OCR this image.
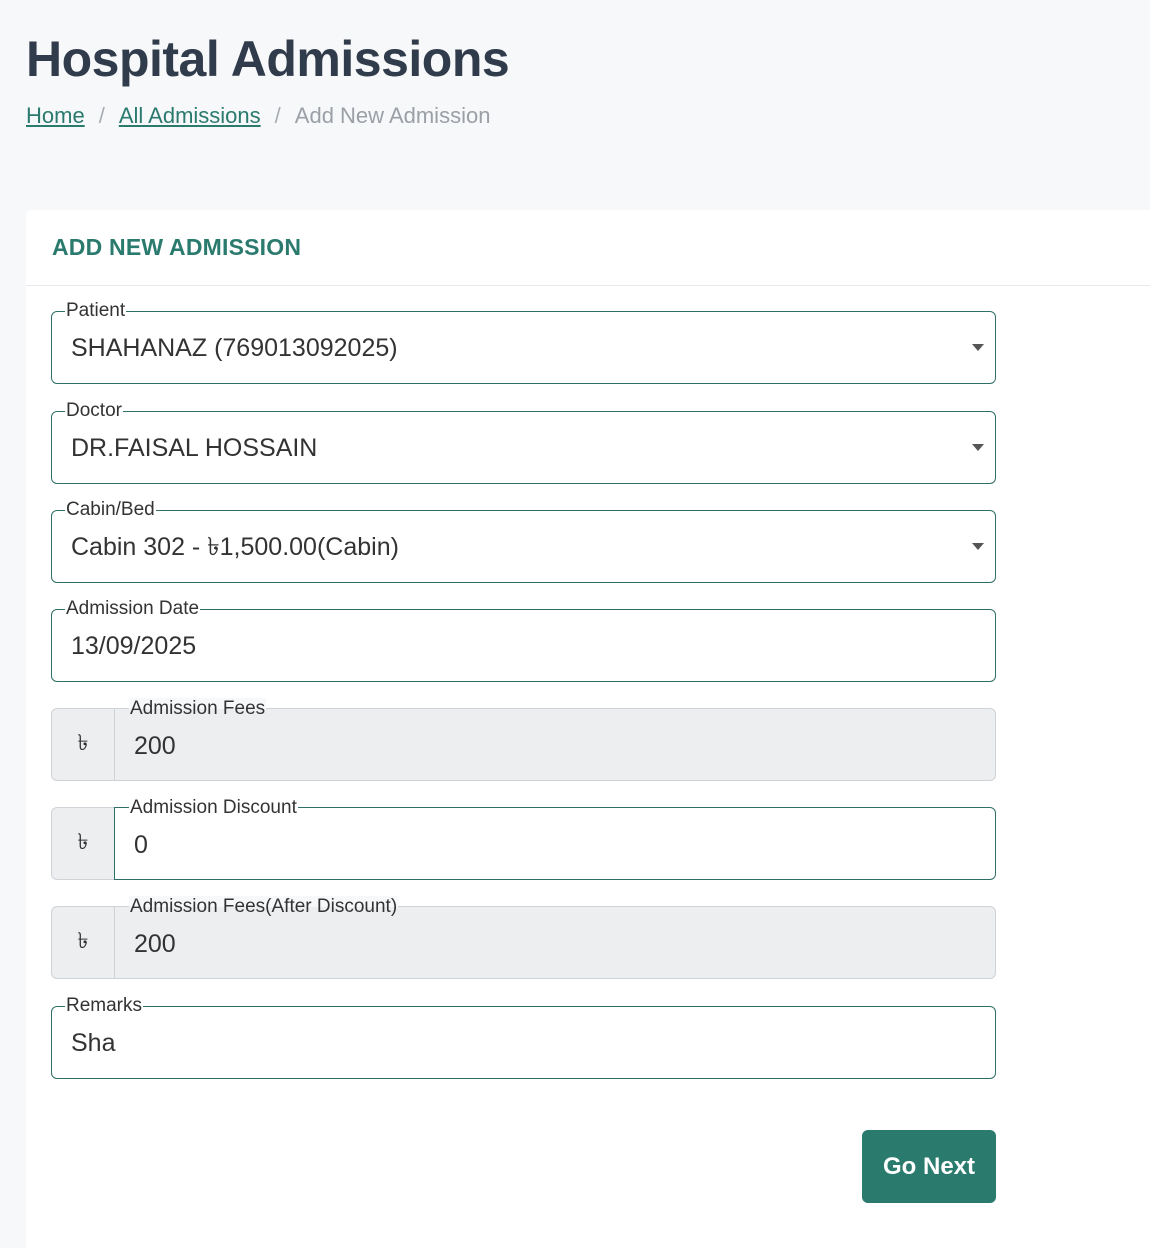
Hospital Admissions
Home / All Admissions / Add New Admission
ADD NEW ADMISSION
Patient
SHAHANAZ (769013092025)
Doctor
DR.FAISAL HOSSAIN
Cabin/Bed
Cabin 302 - ৳1,500.00(Cabin)
Admission Date
13/09/2025
৳
Admission Fees
200
৳
Admission Discount
0
৳
Admission Fees(After Discount)
200
Remarks
Sha
Go Next
